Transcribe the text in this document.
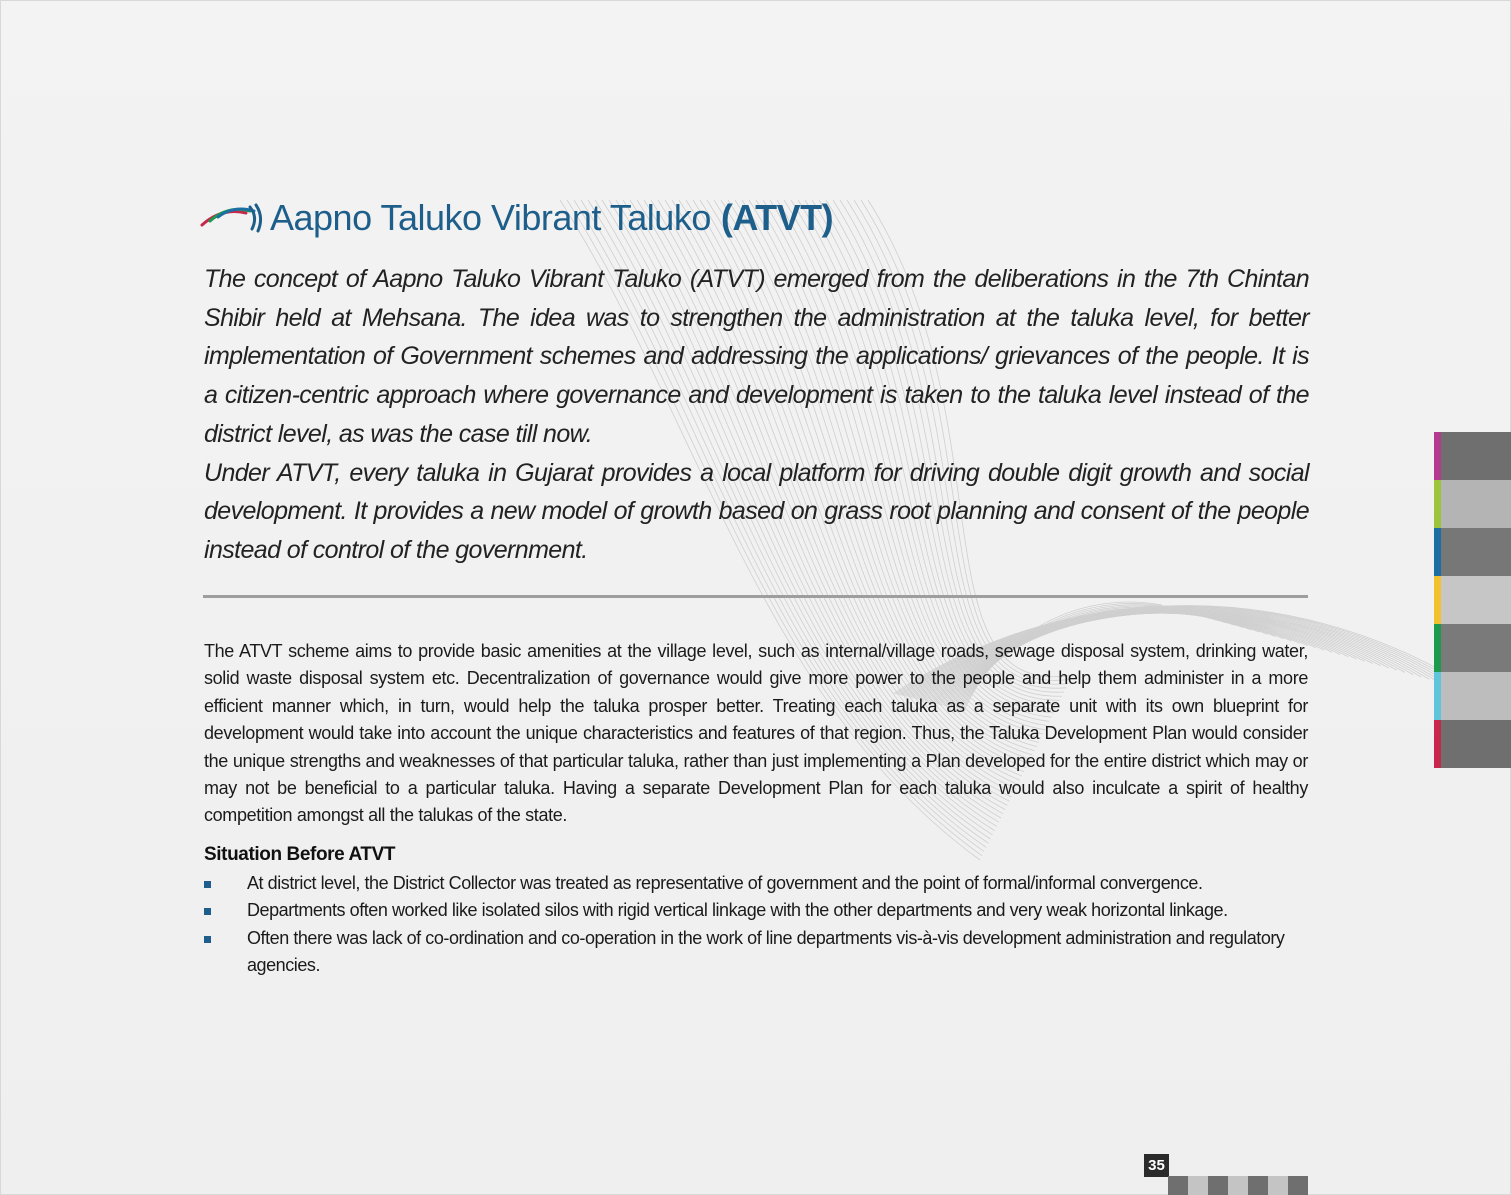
Aapno Taluko Vibrant Taluko (ATVT)

The concept of Aapno Taluko Vibrant Taluko (ATVT) emerged from the deliberations in the 7th Chintan Shibir held at Mehsana. The idea was to strengthen the administration at the taluka level, for better implementation of Government schemes and addressing the applications/ grievances of the people. It is a citizen-centric approach where governance and development is taken to the taluka level instead of the district level, as was the case till now.

Under ATVT, every taluka in Gujarat provides a local platform for driving double digit growth and social development. It provides a new model of growth based on grass root planning and consent of the people instead of control of the government.

The ATVT scheme aims to provide basic amenities at the village level, such as internal/village roads, sewage disposal system, drinking water, solid waste disposal system etc. Decentralization of governance would give more power to the people and help them administer in a more efficient manner which, in turn, would help the taluka prosper better. Treating each taluka as a separate unit with its own blueprint for development would take into account the unique characteristics and features of that region. Thus, the Taluka Development Plan would consider the unique strengths and weaknesses of that particular taluka, rather than just implementing a Plan developed for the entire district which may or may not be beneficial to a particular taluka. Having a separate Development Plan for each taluka would also inculcate a spirit of healthy competition amongst all the talukas of the state.

Situation Before ATVT
At district level, the District Collector was treated as representative of government and the point of formal/informal convergence.
Departments often worked like isolated silos with rigid vertical linkage with the other departments and very weak horizontal linkage.
Often there was lack of co-ordination and co-operation in the work of line departments vis-à-vis development administration and regulatory agencies.
35
